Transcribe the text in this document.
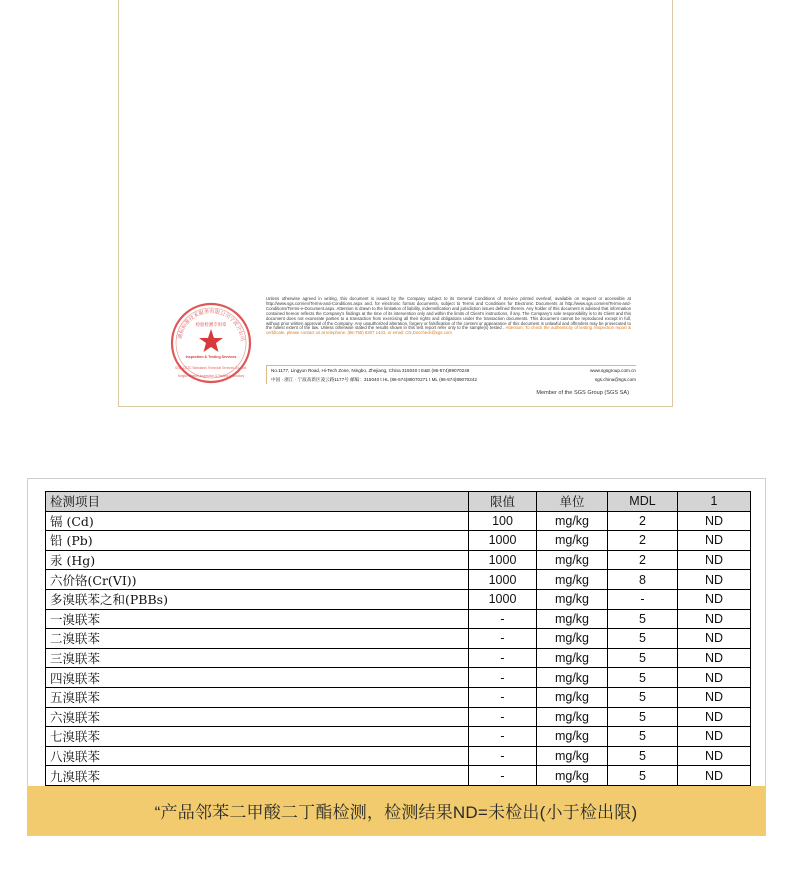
通标标准技术服务有限公司宁波分公司
检验检测专用章
Inspection & Testing Services
SGS-CSTC Standards Technical Services Co., Ltd.
Ningbo Branch Inspection & Testing Laboratory
Unless otherwise agreed in writing, this document is issued by the Company subject to its General Conditions of Service printed overleaf, available on request or accessible at http://www.sgs.com/en/Terms-and-Conditions.aspx and, for electronic format documents, subject to Terms and Conditions for Electronic Documents at http://www.sgs.com/en/Terms-and-Conditions/Terms-e-Document.aspx. Attention is drawn to the limitation of liability, indemnification and jurisdiction issues defined therein. Any holder of this document is advised that information contained hereon reflects the Company's findings at the time of its intervention only and within the limits of Client's instructions, if any. The Company's sole responsibility is to its Client and this document does not exonerate parties to a transaction from exercising all their rights and obligations under the transaction documents. This document cannot be reproduced except in full, without prior written approval of the Company. Any unauthorized alteration, forgery or falsification of the content or appearance of this document is unlawful and offenders may be prosecuted to the fullest extent of the law. Unless otherwise stated the results shown in this test report refer only to the sample(s) tested . Attention: To check the authenticity of testing /inspection report & certificate, please contact us at telephone: (86-755) 8307 1443, or email: CN.Doccheck@sgs.com
No.1177, Lingyun Road, Hi-Tech Zone, Ningbo, Zhejiang, China 315040 t E&E (86-574)89070249	www.sgsgroup.com.cn
中国 · 浙江 · 宁波高新区凌云路1177号 邮编：315040 t HL (86-574)89070271 t ML (86-574)89070242	sgs.china@sgs.com
Member of the SGS Group (SGS SA)
检测项目	限值	单位	MDL	1
镉 (Cd)	100	mg/kg	2	ND
铅 (Pb)	1000	mg/kg	2	ND
汞 (Hg)	1000	mg/kg	2	ND
六价铬(Cr(VI))	1000	mg/kg	8	ND
多溴联苯之和(PBBs)	1000	mg/kg	-	ND
一溴联苯	-	mg/kg	5	ND
二溴联苯	-	mg/kg	5	ND
三溴联苯	-	mg/kg	5	ND
四溴联苯	-	mg/kg	5	ND
五溴联苯	-	mg/kg	5	ND
六溴联苯	-	mg/kg	5	ND
七溴联苯	-	mg/kg	5	ND
八溴联苯	-	mg/kg	5	ND
九溴联苯	-	mg/kg	5	ND
“产品邻苯二甲酸二丁酯检测，检测结果ND=未检出(小于检出限)
